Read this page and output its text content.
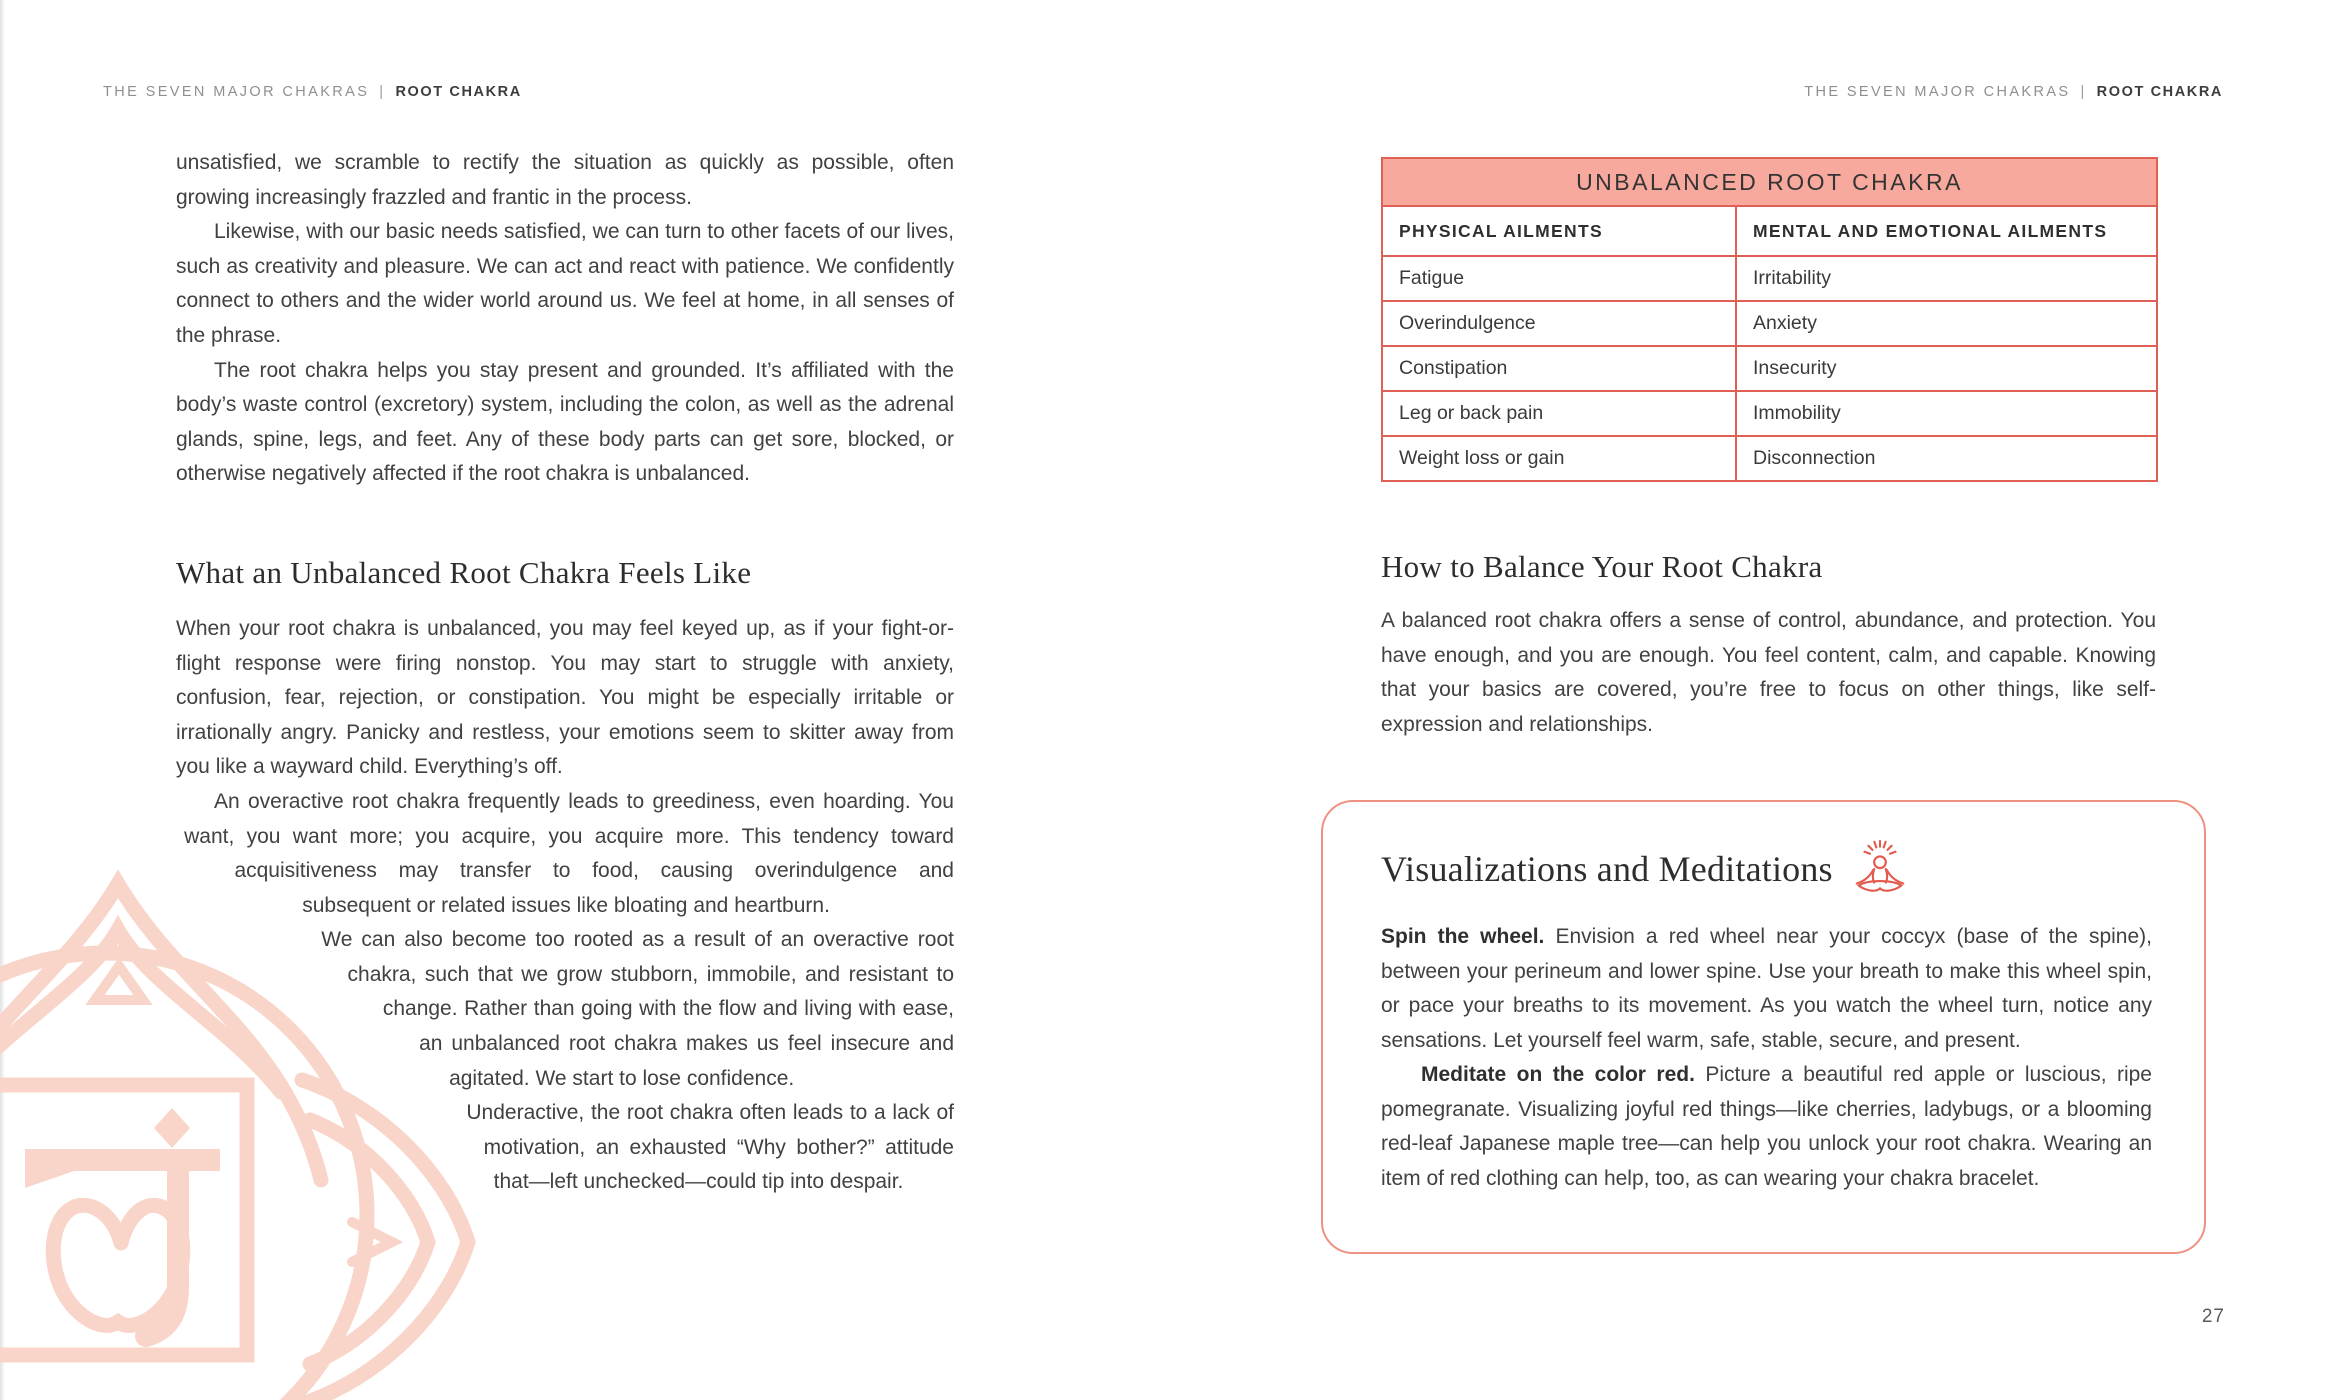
THE SEVEN MAJOR CHAKRAS | ROOT CHAKRA	THE SEVEN MAJOR CHAKRAS | ROOT CHAKRA

unsatisfied, we scramble to rectify the situation as quickly as possible, often growing increasingly frazzled and frantic in the process.

Likewise, with our basic needs satisfied, we can turn to other facets of our lives, such as creativity and pleasure. We can act and react with patience. We confidently connect to others and the wider world around us. We feel at home, in all senses of the phrase.

The root chakra helps you stay present and grounded. It’s affiliated with the body’s waste control (excretory) system, including the colon, as well as the adrenal glands, spine, legs, and feet. Any of these body parts can get sore, blocked, or otherwise negatively affected if the root chakra is unbalanced.

What an Unbalanced Root Chakra Feels Like

When your root chakra is unbalanced, you may feel keyed up, as if your fight-or-flight response were firing nonstop. You may start to struggle with anxiety, confusion, fear, rejection, or constipation. You might be especially irritable or irrationally angry. Panicky and restless, your emotions seem to skitter away from you like a wayward child. Everything’s off.

An overactive root chakra frequently leads to greediness, even hoarding. You want, you want more; you acquire, you acquire more. This tendency toward acquisitiveness may transfer to food, causing overindulgence and subsequent or related issues like bloating and heartburn.

We can also become too rooted as a result of an overactive root chakra, such that we grow stubborn, immobile, and resistant to change. Rather than going with the flow and living with ease, an unbalanced root chakra makes us feel insecure and agitated. We start to lose confidence.

Underactive, the root chakra often leads to a lack of motivation, an exhausted “Why bother?” attitude that—left unchecked—could tip into despair.

UNBALANCED ROOT CHAKRA	
PHYSICAL AILMENTS	MENTAL AND EMOTIONAL AILMENTS
Fatigue	Irritability
Overindulgence	Anxiety
Constipation	Insecurity
Leg or back pain	Immobility
Weight loss or gain	Disconnection
How to Balance Your Root Chakra

A balanced root chakra offers a sense of control, abundance, and protection. You have enough, and you are enough. You feel content, calm, and capable. Knowing that your basics are covered, you’re free to focus on other things, like self-expression and relationships.

Visualizations and Meditations

Spin the wheel. Envision a red wheel near your coccyx (base of the spine), between your perineum and lower spine. Use your breath to make this wheel spin, or pace your breaths to its movement. As you watch the wheel turn, notice any sensations. Let yourself feel warm, safe, stable, secure, and present.

Meditate on the color red. Picture a beautiful red apple or luscious, ripe pomegranate. Visualizing joyful red things—like cherries, ladybugs, or a blooming red-leaf Japanese maple tree—can help you unlock your root chakra. Wearing an item of red clothing can help, too, as can wearing your chakra bracelet.

27
